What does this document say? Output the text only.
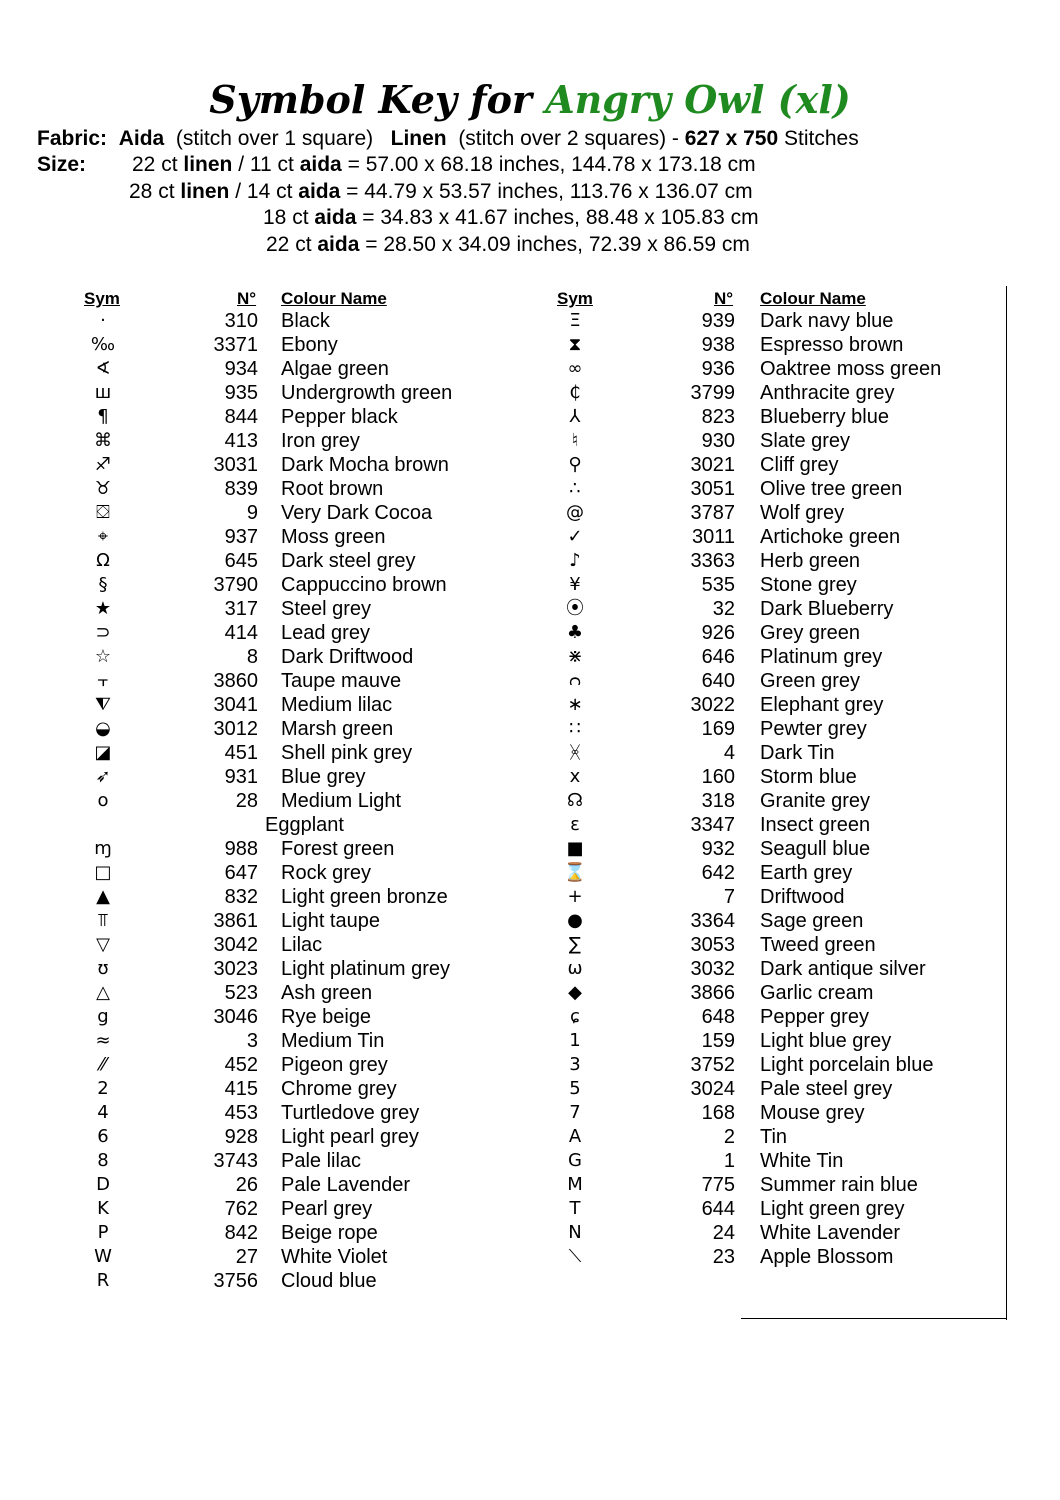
Symbol Key for Angry Owl (xl)
Fabric: Aida (stitch over 1 square) Linen (stitch over 2 squares) - 627 x 750 Stitches
Size: 22 ct linen / 11 ct aida = 57.00 x 68.18 inches, 144.78 x 173.18 cm
28 ct linen / 14 ct aida = 44.79 x 53.57 inches, 113.76 x 136.07 cm
18 ct aida = 34.83 x 41.67 inches, 88.48 x 105.83 cm
22 ct aida = 28.50 x 34.09 inches, 72.39 x 86.59 cm
Sym	N° Colour Name	Sym	N° Colour Name
·	310 Black
‰	3371 Ebony
∢	934 Algae green
ш	935 Undergrowth green
¶	844 Pepper black
⌘	413 Iron grey
♐	3031 Dark Mocha brown
♉	839 Root brown
⛋	9 Very Dark Cocoa
⌖	937 Moss green
Ω	645 Dark steel grey
§	3790 Cappuccino brown
★	317 Steel grey
⊃	414 Lead grey
☆	8 Dark Driftwood
⫟	3860 Taupe mauve
⧨	3041 Medium lilac
◒	3012 Marsh green
◪	451 Shell pink grey
➶	931 Blue grey
o	28 Medium Light
Eggplant
ɱ	988 Forest green
□	647 Rock grey
▲	832 Light green bronze
⫪	3861 Light taupe
▽	3042 Lilac
ʊ	3023 Light platinum grey
△	523 Ash green
g	3046 Rye beige
≈	3 Medium Tin
⁄⁄	452 Pigeon grey
2	415 Chrome grey
4	453 Turtledove grey
6	928 Light pearl grey
8	3743 Pale lilac
D	26 Pale Lavender
K	762 Pearl grey
P	842 Beige rope
W	27 White Violet
R	3756 Cloud blue
Ξ	939 Dark navy blue
⧗	938 Espresso brown
∞	936 Oaktree moss green
₵	3799 Anthracite grey
⅄	823 Blueberry blue
♮	930 Slate grey
⚲	3021 Cliff grey
∴	3051 Olive tree green
@	3787 Wolf grey
✓	3011 Artichoke green
♪	3363 Herb green
¥	535 Stone grey
⦿	32 Dark Blueberry
♣	926 Grey green
⋇	646 Platinum grey
ᴒ	640 Green grey
∗	3022 Elephant grey
∷	169 Pewter grey
ᚸ	4 Dark Tin
x	160 Storm blue
☊	318 Granite grey
ɛ	3347 Insect green
■	932 Seagull blue
⌛	642 Earth grey
+	7 Driftwood
●	3364 Sage green
∑	3053 Tweed green
ω	3032 Dark antique silver
◆	3866 Garlic cream
ɕ	648 Pepper grey
1	159 Light blue grey
3	3752 Light porcelain blue
5	3024 Pale steel grey
7	168 Mouse grey
A	2 Tin
G	1 White Tin
M	775 Summer rain blue
T	644 Light green grey
N	24 White Lavender
⟍	23 Apple Blossom
